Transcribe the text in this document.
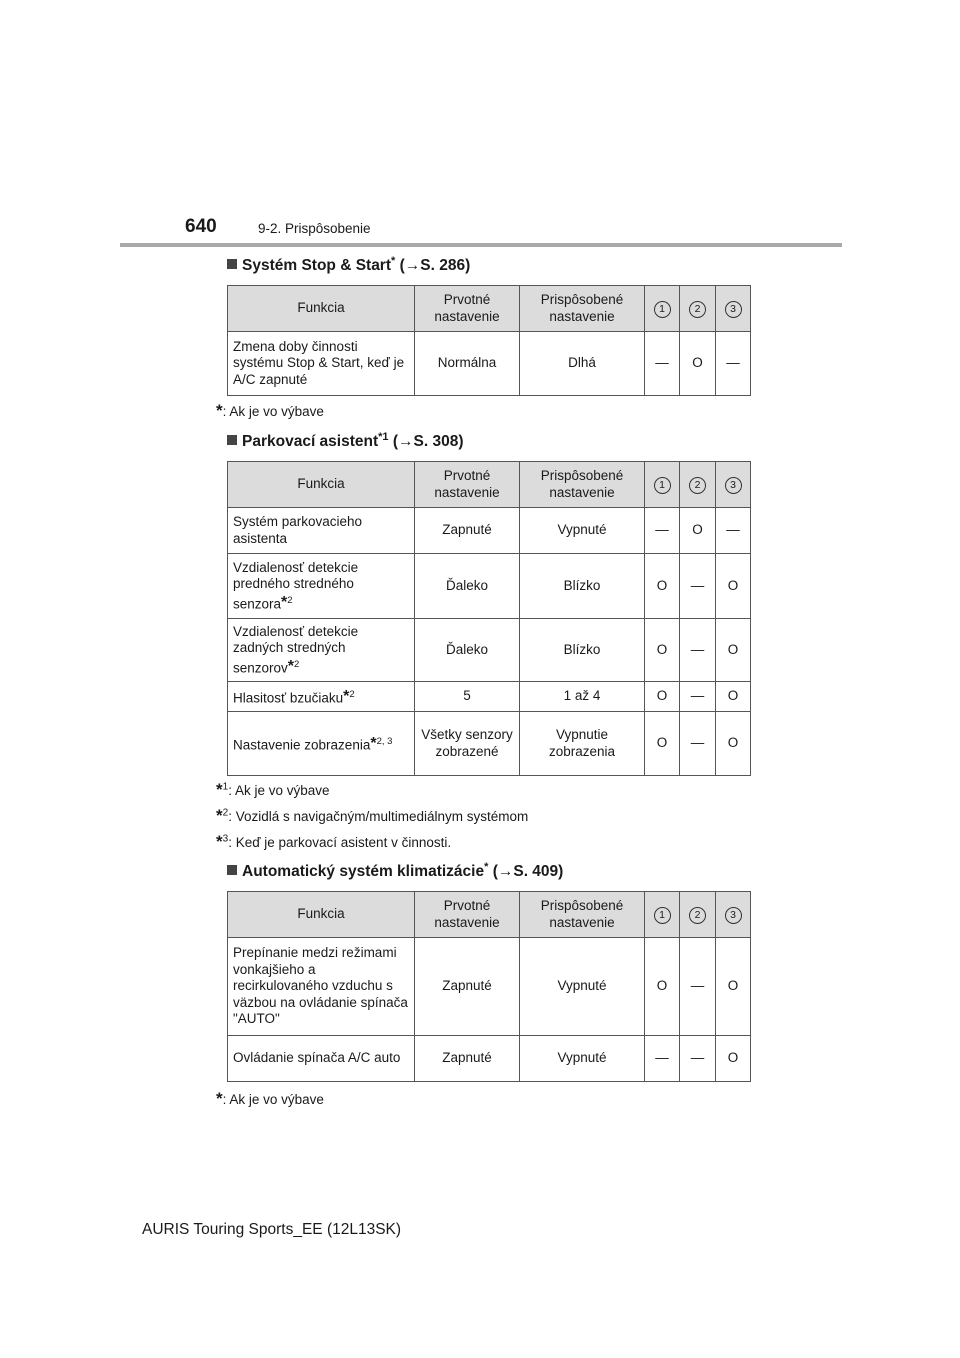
640	9-2. Prispôsobenie
Systém Stop & Start* (→S. 286)
Funkcia	Prvotné nastavenie	Prispôsobené nastavenie	1	2	3
Zmena doby činnosti systému Stop & Start, keď je A/C zapnuté	Normálna	Dlhá	—	O	—
*: Ak je vo výbave
Parkovací asistent$^{*1}$ (→S. 308)
Funkcia	Prvotné nastavenie	Prispôsobené nastavenie	1	2	3
Systém parkovacieho asistenta	Zapnuté	Vypnuté	—	O	—
Vzdialenosť detekcie predného stredného senzora$^{*2}$	Ďaleko	Blízko	O	—	O
Vzdialenosť detekcie zadných stredných senzorov$^{*2}$	Ďaleko	Blízko	O	—	O
Hlasitosť bzučiaku$^{*2}$	5	1 až 4	O	—	O
Nastavenie zobrazenia$^{*2, 3}$	Všetky senzory zobrazené	Vypnutie zobrazenia	O	—	O
*$^1$: Ak je vo výbave
*$^2$: Vozidlá s navigačným/multimediálnym systémom
*$^3$: Keď je parkovací asistent v činnosti.
Automatický systém klimatizácie* (→S. 409)
Funkcia	Prvotné nastavenie	Prispôsobené nastavenie	1	2	3
Prepínanie medzi režimami vonkajšieho a recirkulovaného vzduchu s väzbou na ovládanie spínača "AUTO"	Zapnuté	Vypnuté	O	—	O
Ovládanie spínača A/C auto	Zapnuté	Vypnuté	—	—	O
*: Ak je vo výbave
AURIS Touring Sports_EE (12L13SK)
